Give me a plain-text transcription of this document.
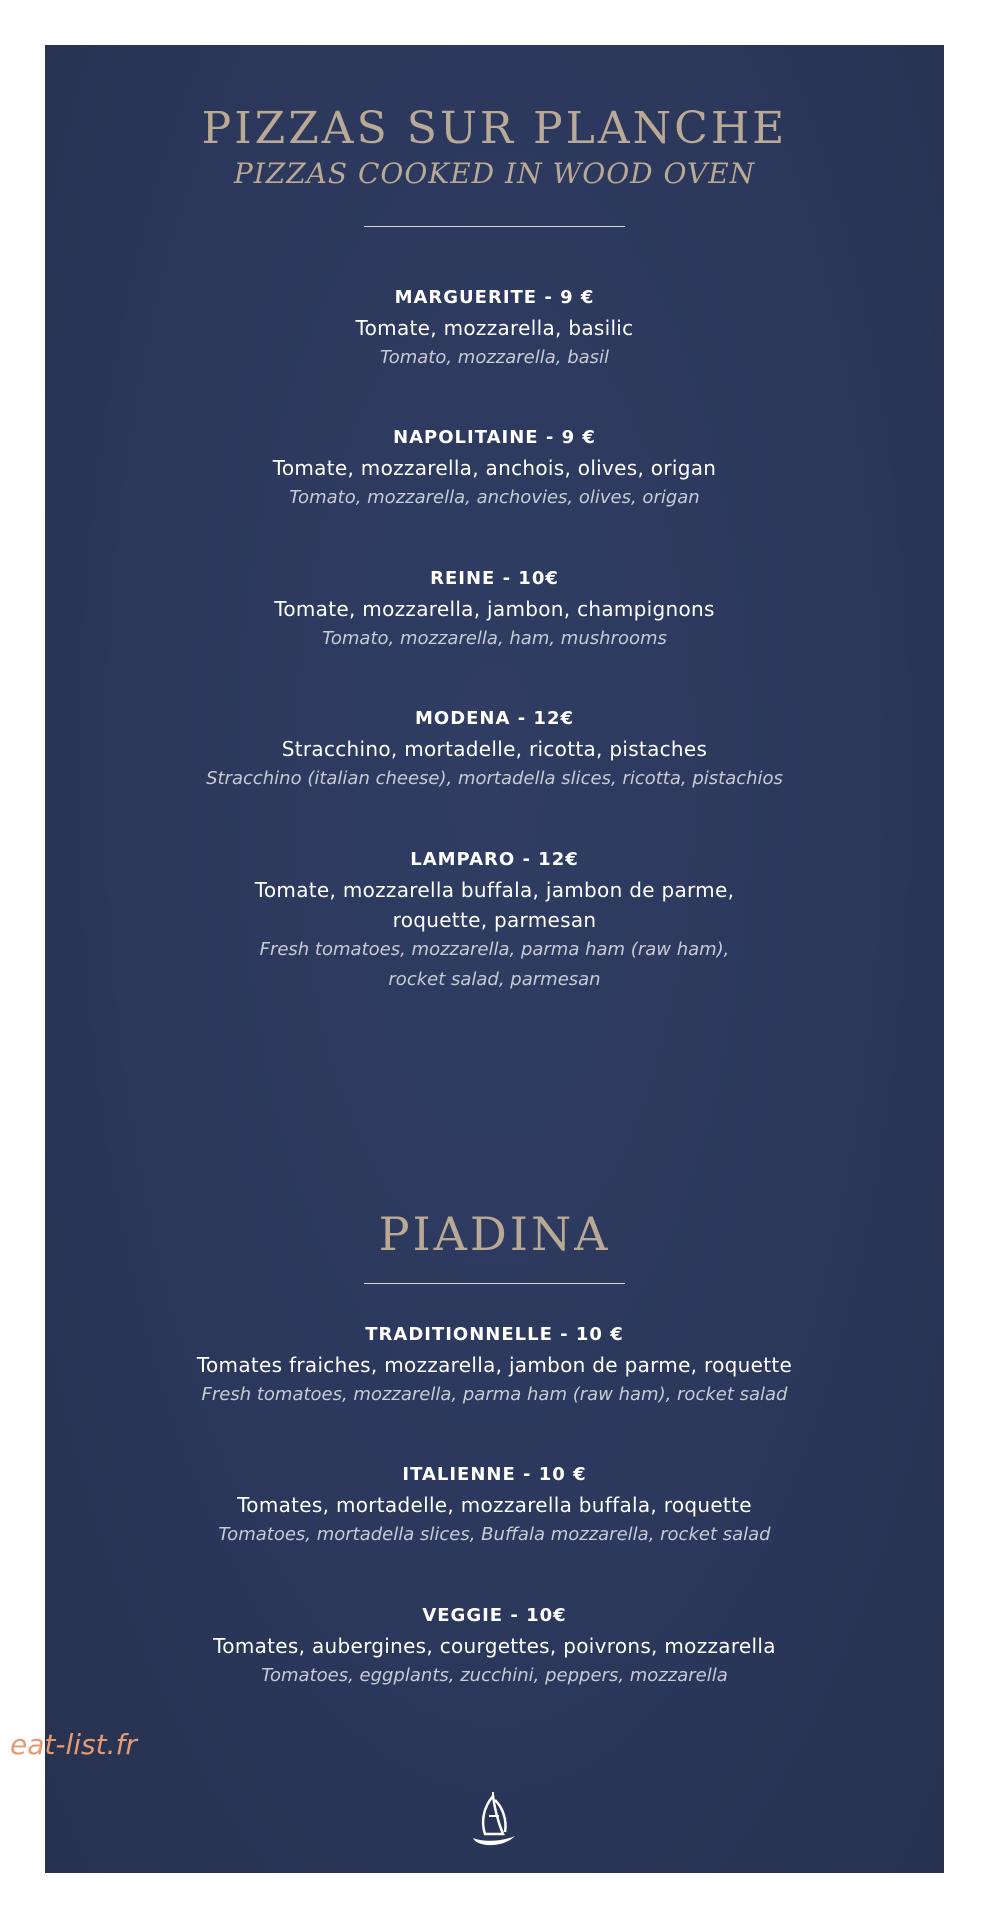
PIZZAS SUR PLANCHE
PIZZAS COOKED IN WOOD OVEN
MARGUERITE - 9 €
Tomate, mozzarella, basilic
Tomato, mozzarella, basil
NAPOLITAINE - 9 €
Tomate, mozzarella, anchois, olives, origan
Tomato, mozzarella, anchovies, olives, origan
REINE - 10€
Tomate, mozzarella, jambon, champignons
Tomato, mozzarella, ham, mushrooms
MODENA - 12€
Stracchino, mortadelle, ricotta, pistaches
Stracchino (italian cheese), mortadella slices, ricotta, pistachios
LAMPARO - 12€
Tomate, mozzarella buffala, jambon de parme,
roquette, parmesan
Fresh tomatoes, mozzarella, parma ham (raw ham),
rocket salad, parmesan
PIADINA
TRADITIONNELLE - 10 €
Tomates fraiches, mozzarella, jambon de parme, roquette
Fresh tomatoes, mozzarella, parma ham (raw ham), rocket salad
ITALIENNE - 10 €
Tomates, mortadelle, mozzarella buffala, roquette
Tomatoes, mortadella slices, Buffala mozzarella, rocket salad
VEGGIE - 10€
Tomates, aubergines, courgettes, poivrons, mozzarella
Tomatoes, eggplants, zucchini, peppers, mozzarella
eat-list.fr
